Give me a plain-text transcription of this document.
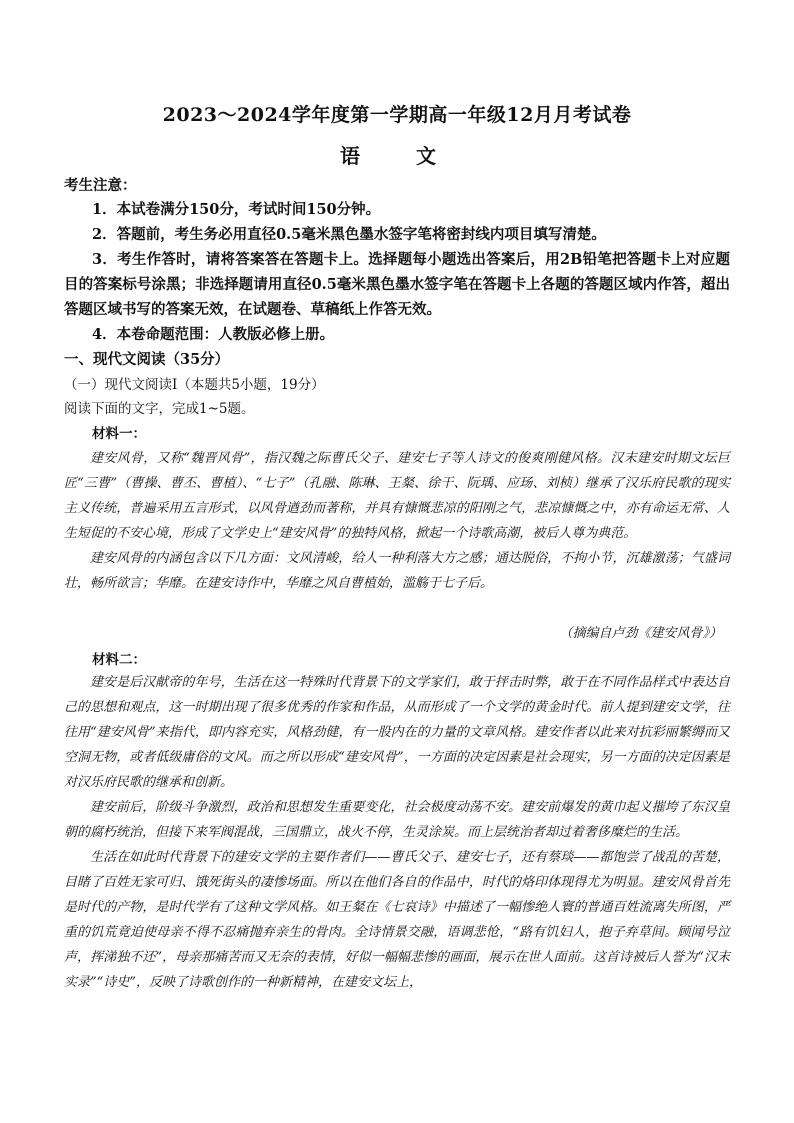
2023～2024学年度第一学期高一年级12月月考试卷
语　文
考生注意：

1．本试卷满分150分，考试时间150分钟。

2．答题前，考生务必用直径0.5毫米黑色墨水签字笔将密封线内项目填写清楚。

3．考生作答时，请将答案答在答题卡上。选择题每小题选出答案后，用2B铅笔把答题卡上对应题目的答案标号涂黑；非选择题请用直径0.5毫米黑色墨水签字笔在答题卡上各题的答题区域内作答，超出答题区域书写的答案无效，在试题卷、草稿纸上作答无效。

4．本卷命题范围：人教版必修上册。

一、现代文阅读（35分）
（一）现代文阅读Ⅰ（本题共5小题，19分）
阅读下面的文字，完成1~5题。
材料一：

建安风骨，又称“魏晋风骨”，指汉魏之际曹氏父子、建安七子等人诗文的俊爽刚健风格。汉末建安时期文坛巨匠“三曹”（曹操、曹丕、曹植）、“七子”（孔融、陈琳、王粲、徐干、阮瑀、应玚、刘桢）继承了汉乐府民歌的现实主义传统，普遍采用五言形式，以风骨遒劲而著称，并具有慷慨悲凉的阳刚之气，悲凉慷慨之中，亦有命运无常、人生短促的不安心境，形成了文学史上“建安风骨”的独特风格，掀起一个诗歌高潮，被后人尊为典范。

建安风骨的内涵包含以下几方面：文风清峻，给人一种利落大方之感；通达脱俗，不拘小节，沉雄激荡；气盛词壮，畅所欲言；华靡。在建安诗作中，华靡之风自曹植始，滥觞于七子后。

（摘编自卢劲《建安风骨》）
材料二：

建安是后汉献帝的年号，生活在这一特殊时代背景下的文学家们，敢于抨击时弊，敢于在不同作品样式中表达自己的思想和观点，这一时期出现了很多优秀的作家和作品，从而形成了一个文学的黄金时代。前人提到建安文学，往往用“建安风骨”来指代，即内容充实，风格劲健，有一股内在的力量的文章风格。建安作者以此来对抗彩丽繁缛而又空洞无物，或者低级庸俗的文风。而之所以形成“建安风骨”，一方面的决定因素是社会现实，另一方面的决定因素是对汉乐府民歌的继承和创新。

建安前后，阶级斗争激烈，政治和思想发生重要变化，社会极度动荡不安。建安前爆发的黄巾起义摧垮了东汉皇朝的腐朽统治，但接下来军阀混战，三国鼎立，战火不停，生灵涂炭。而上层统治者却过着奢侈糜烂的生活。

生活在如此时代背景下的建安文学的主要作者们——曹氏父子、建安七子，还有蔡琰——都饱尝了战乱的苦楚，目睹了百姓无家可归、饿死街头的凄惨场面。所以在他们各自的作品中，时代的烙印体现得尤为明显。建安风骨首先是时代的产物，是时代学有了这种文学风格。如王粲在《七哀诗》中描述了一幅惨绝人寰的普通百姓流离失所图，严重的饥荒竟迫使母亲不得不忍痛抛弃亲生的骨肉。全诗情景交融，语调悲怆，“路有饥妇人，抱子弃草间。顾闻号泣声，挥涕独不还”，母亲那痛苦而又无奈的表情，好似一幅幅悲惨的画面，展示在世人面前。这首诗被后人誉为“汉末实录”“诗史”，反映了诗歌创作的一种新精神，在建安文坛上，
